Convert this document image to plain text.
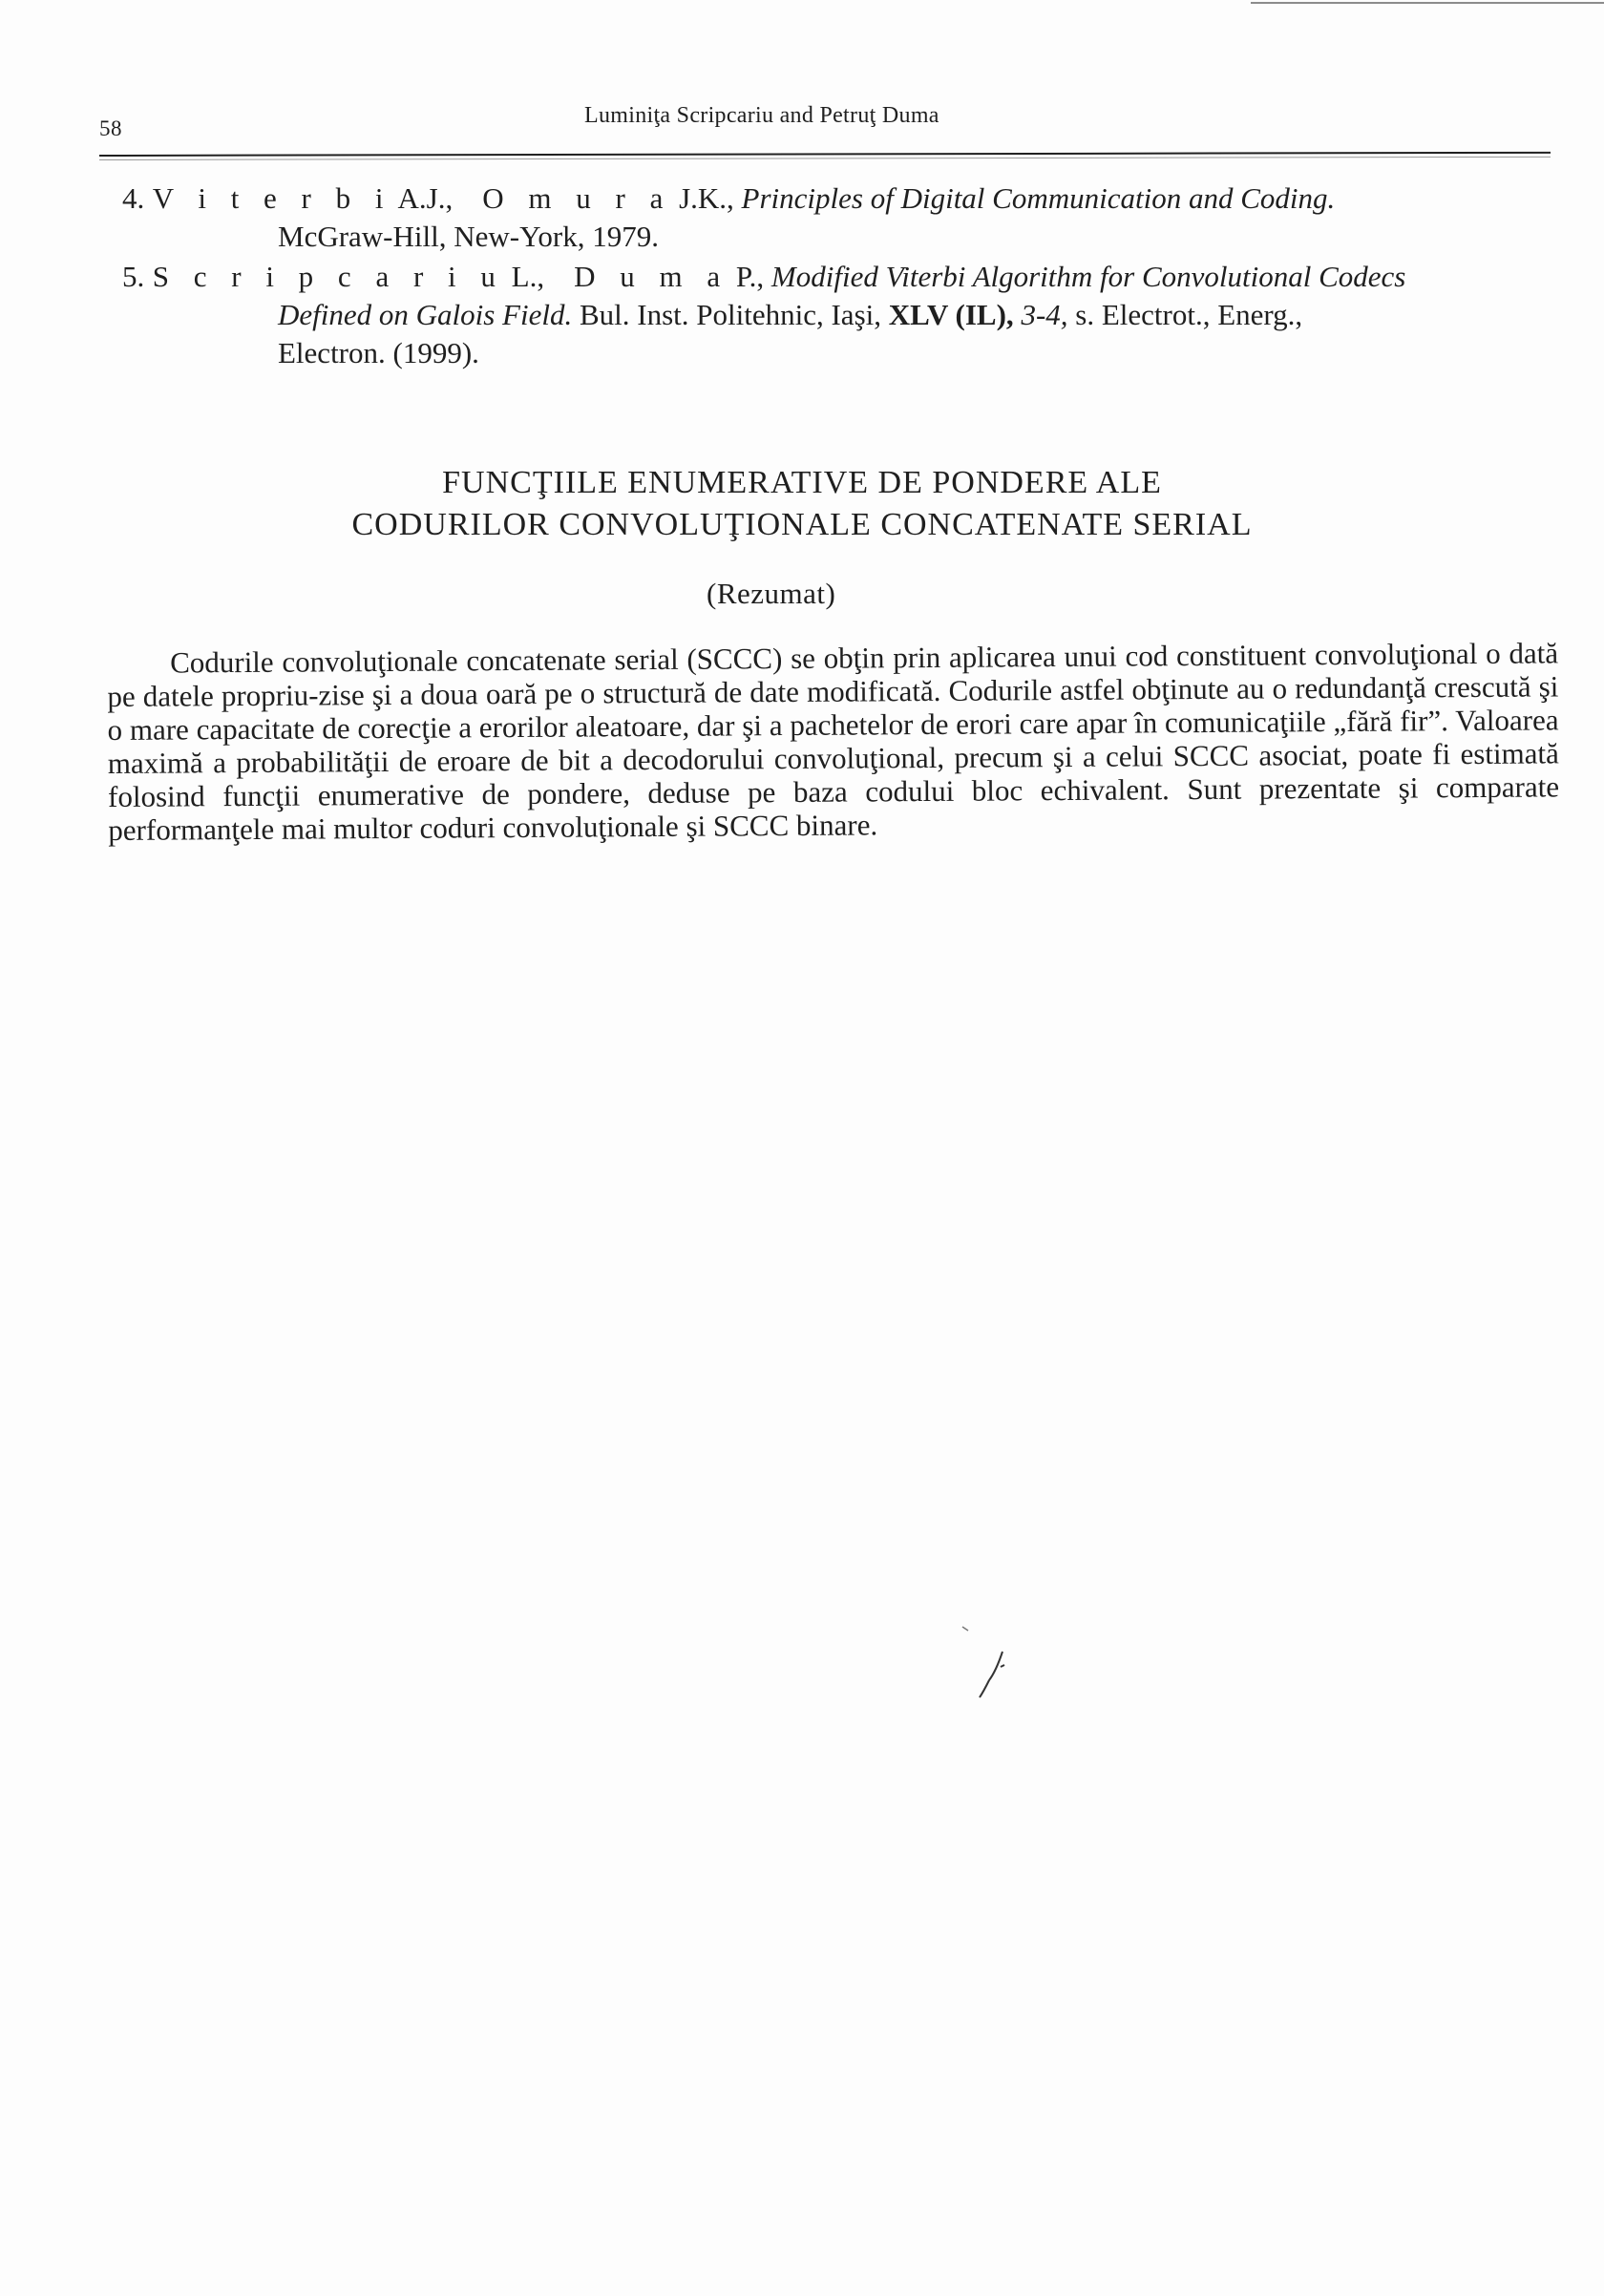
58
Luminiţa Scripcariu and Petruţ Duma
4. V i t e r b i A.J., O m u r a J.K., Principles of Digital Communication and Coding.
McGraw-Hill, New-York, 1979.
5. S c r i p c a r i u L., D u m a P., Modified Viterbi Algorithm for Convolutional Codecs
Defined on Galois Field. Bul. Inst. Politehnic, Iaşi, XLV (IL), 3-4, s. Electrot., Energ.,
Electron. (1999).
FUNCŢIILE ENUMERATIVE DE PONDERE ALE
CODURILOR CONVOLUŢIONALE CONCATENATE SERIAL
(Rezumat)

Codurile convoluţionale concatenate serial (SCCC) se obţin prin aplicarea unui cod constituent convoluţional o dată pe datele propriu-zise şi a doua oară pe o structură de date modificată. Codurile astfel obţinute au o redundanţă crescută şi o mare capacitate de corecţie a erorilor aleatoare, dar şi a pachetelor de erori care apar în comunicaţiile „fără fir”. Valoarea maximă a probabilităţii de eroare de bit a decodorului convoluţional, precum şi a celui SCCC asociat, poate fi estimată folosind funcţii enumerative de pondere, deduse pe baza codului bloc echivalent. Sunt prezentate şi comparate performanţele mai multor coduri convoluţionale şi SCCC binare.
